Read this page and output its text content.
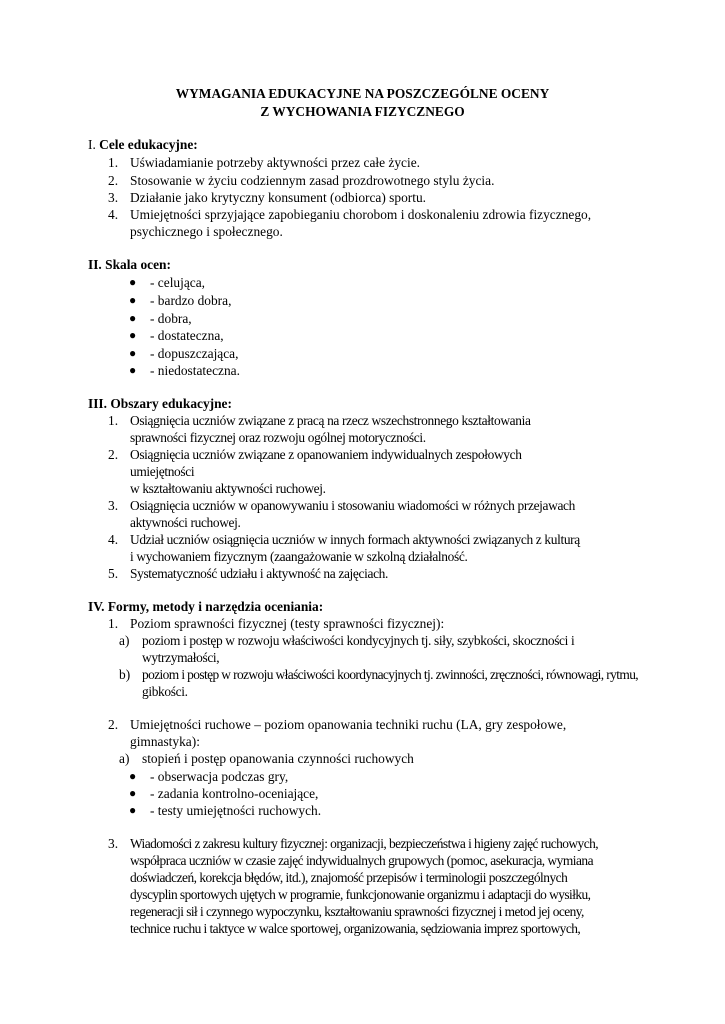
WYMAGANIA EDUKACYJNE NA POSZCZEGÓLNE OCENY
Z WYCHOWANIA FIZYCZNEGO
I. Cele edukacyjne:
1. Uświadamianie potrzeby aktywności przez całe życie.
2. Stosowanie w życiu codziennym zasad prozdrowotnego stylu życia.
3. Działanie jako krytyczny konsument (odbiorca) sportu.
4. Umiejętności sprzyjające zapobieganiu chorobom i doskonaleniu zdrowia fizycznego,
psychicznego i społecznego.
II. Skala ocen:
● - celująca,
● - bardzo dobra,
● - dobra,
● - dostateczna,
● - dopuszczająca,
● - niedostateczna.
III. Obszary edukacyjne:
1. Osiągnięcia uczniów związane z pracą na rzecz wszechstronnego kształtowania
sprawności fizycznej oraz rozwoju ogólnej motoryczności.
2. Osiągnięcia uczniów związane z opanowaniem indywidualnych zespołowych
umiejętności
w kształtowaniu aktywności ruchowej.
3. Osiągnięcia uczniów w opanowywaniu i stosowaniu wiadomości w różnych przejawach
aktywności ruchowej.
4. Udział uczniów osiągnięcia uczniów w innych formach aktywności związanych z kulturą
i wychowaniem fizycznym (zaangażowanie w szkolną działalność.
5. Systematyczność udziału i aktywność na zajęciach.
IV. Formy, metody i narzędzia oceniania:
1. Poziom sprawności fizycznej (testy sprawności fizycznej):
a) poziom i postęp w rozwoju właściwości kondycyjnych tj. siły, szybkości, skoczności i
wytrzymałości,
b) poziom i postęp w rozwoju właściwości koordynacyjnych tj. zwinności, zręczności, równowagi, rytmu,
gibkości.
2. Umiejętności ruchowe – poziom opanowania techniki ruchu (LA, gry zespołowe,
gimnastyka):
a) stopień i postęp opanowania czynności ruchowych
● - obserwacja podczas gry,
● - zadania kontrolno-oceniające,
● - testy umiejętności ruchowych.
3. Wiadomości z zakresu kultury fizycznej: organizacji, bezpieczeństwa i higieny zajęć ruchowych,
współpraca uczniów w czasie zajęć indywidualnych grupowych (pomoc, asekuracja, wymiana
doświadczeń, korekcja błędów, itd.), znajomość przepisów i terminologii poszczególnych
dyscyplin sportowych ujętych w programie, funkcjonowanie organizmu i adaptacji do wysiłku,
regeneracji sił i czynnego wypoczynku, kształtowaniu sprawności fizycznej i metod jej oceny,
technice ruchu i taktyce w walce sportowej, organizowania, sędziowania imprez sportowych,
